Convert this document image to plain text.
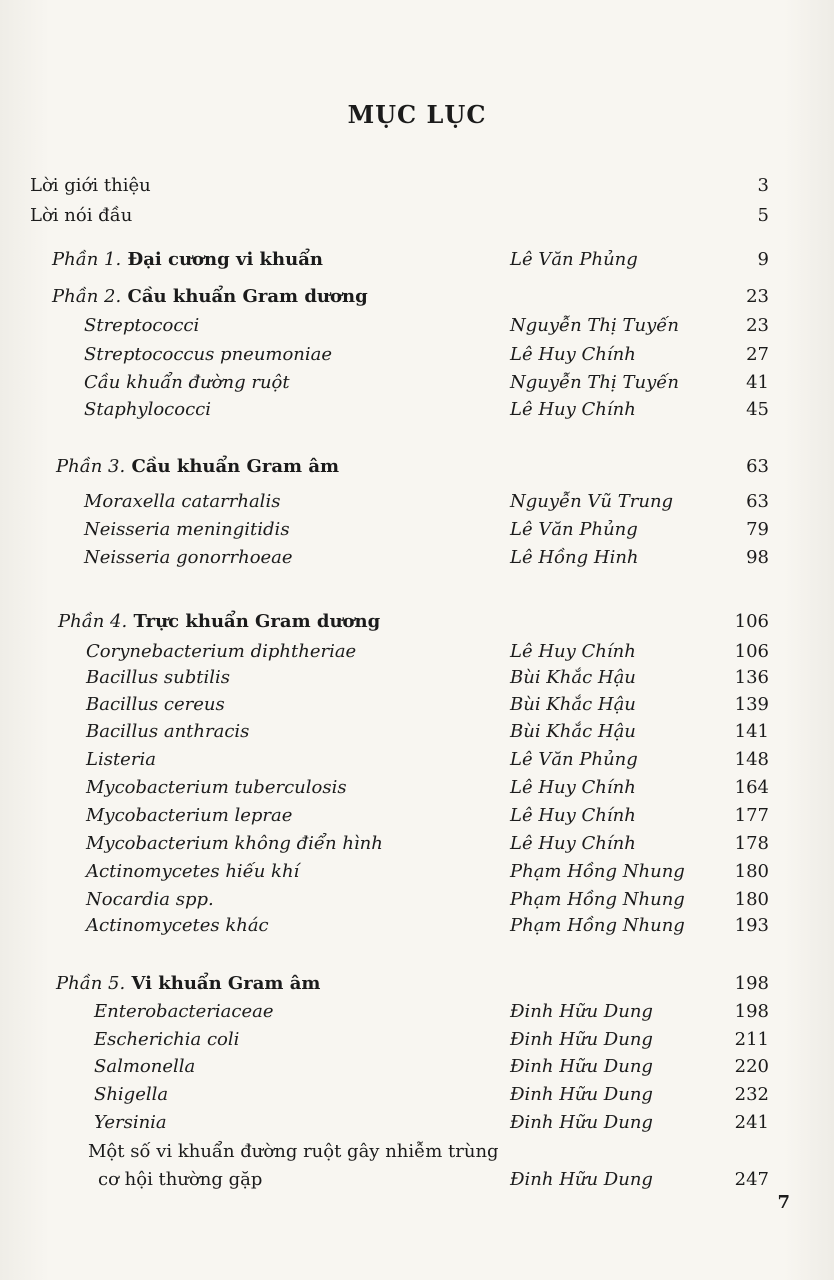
MỤC LỤC
Lời giới thiệu	3
Lời nói đầu	5
Phần 1. Đại cương vi khuẩn	Lê Văn Phủng	9
Phần 2. Cầu khuẩn Gram dương	23
Streptococci	Nguyễn Thị Tuyến	23
Streptococcus pneumoniae	Lê Huy Chính	27
Cầu khuẩn đường ruột	Nguyễn Thị Tuyến	41
Staphylococci	Lê Huy Chính	45
Phần 3. Cầu khuẩn Gram âm	63
Moraxella catarrhalis	Nguyễn Vũ Trung	63
Neisseria meningitidis	Lê Văn Phủng	79
Neisseria gonorrhoeae	Lê Hồng Hinh	98
Phần 4. Trực khuẩn Gram dương	106
Corynebacterium diphtheriae	Lê Huy Chính	106
Bacillus subtilis	Bùi Khắc Hậu	136
Bacillus cereus	Bùi Khắc Hậu	139
Bacillus anthracis	Bùi Khắc Hậu	141
Listeria	Lê Văn Phủng	148
Mycobacterium tuberculosis	Lê Huy Chính	164
Mycobacterium leprae	Lê Huy Chính	177
Mycobacterium không điển hình	Lê Huy Chính	178
Actinomycetes hiếu khí	Phạm Hồng Nhung	180
Nocardia spp.	Phạm Hồng Nhung	180
Actinomycetes khác	Phạm Hồng Nhung	193
Phần 5. Vi khuẩn Gram âm	198
Enterobacteriaceae	Đinh Hữu Dung	198
Escherichia coli	Đinh Hữu Dung	211
Salmonella	Đinh Hữu Dung	220
Shigella	Đinh Hữu Dung	232
Yersinia	Đinh Hữu Dung	241
Một số vi khuẩn đường ruột gây nhiễm trùng
cơ hội thường gặp	Đinh Hữu Dung	247
7
